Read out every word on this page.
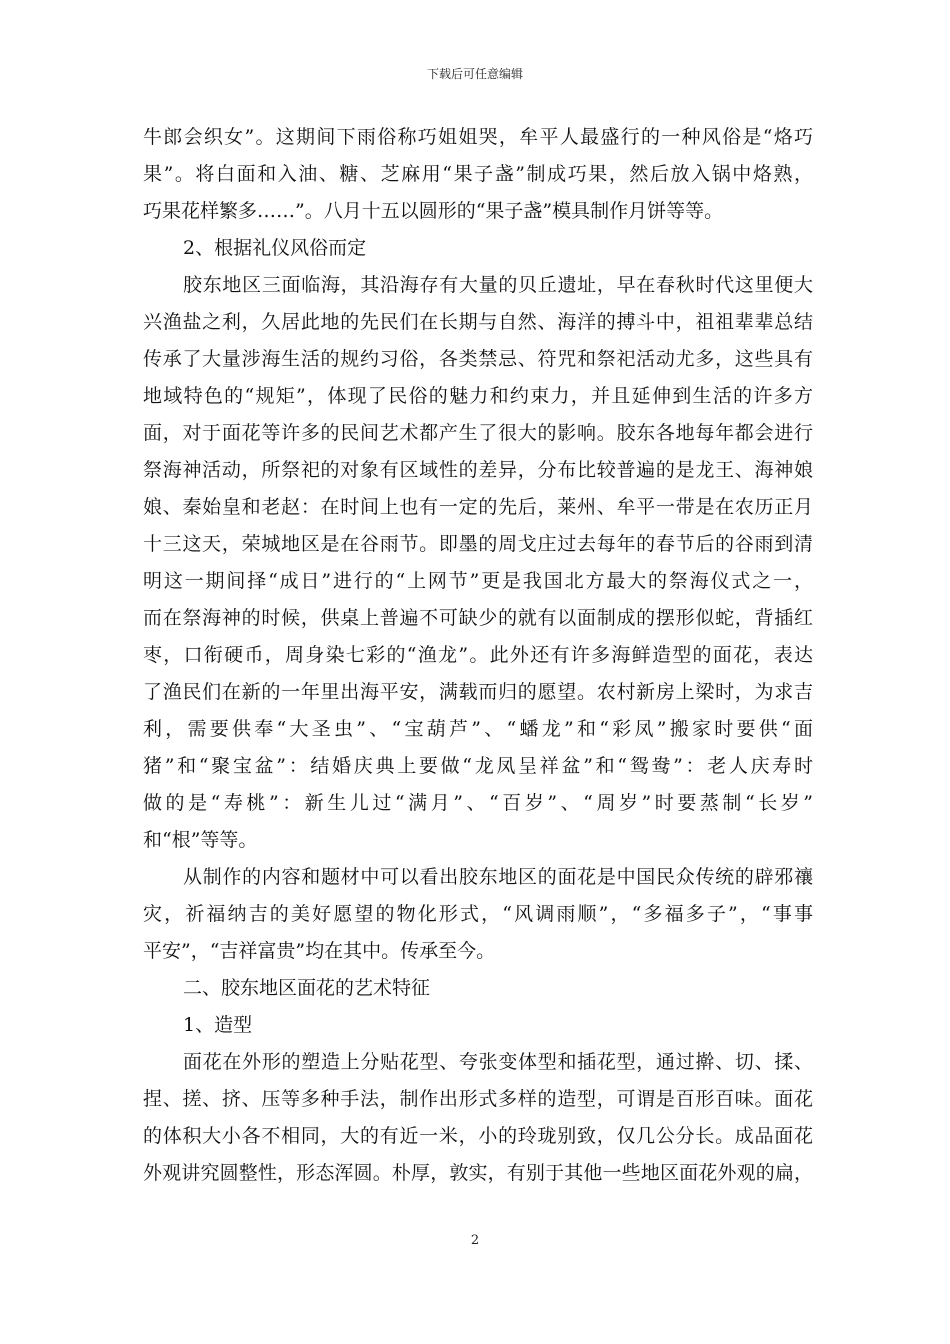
下载后可任意编辑
牛郎会织女”。这期间下雨俗称巧姐姐哭，牟平人最盛行的一种风俗是“烙巧
果”。将白面和入油、糖、芝麻用“果子盏”制成巧果，然后放入锅中烙熟，
巧果花样繁多……”。八月十五以圆形的“果子盏”模具制作月饼等等。
2、根据礼仪风俗而定
胶东地区三面临海，其沿海存有大量的贝丘遗址，早在春秋时代这里便大
兴渔盐之利，久居此地的先民们在长期与自然、海洋的搏斗中，祖祖辈辈总结
传承了大量涉海生活的规约习俗，各类禁忌、符咒和祭祀活动尤多，这些具有
地域特色的“规矩”，体现了民俗的魅力和约束力，并且延伸到生活的许多方
面，对于面花等许多的民间艺术都产生了很大的影响。胶东各地每年都会进行
祭海神活动，所祭祀的对象有区域性的差异，分布比较普遍的是龙王、海神娘
娘、秦始皇和老赵：在时间上也有一定的先后，莱州、牟平一带是在农历正月
十三这天，荣城地区是在谷雨节。即墨的周戈庄过去每年的春节后的谷雨到清
明这一期间择“成日”进行的“上网节”更是我国北方最大的祭海仪式之一，
而在祭海神的时候，供桌上普遍不可缺少的就有以面制成的摆形似蛇，背插红
枣，口衔硬币，周身染七彩的“渔龙”。此外还有许多海鲜造型的面花，表达
了渔民们在新的一年里出海平安，满载而归的愿望。农村新房上梁时，为求吉
利，需要供奉“大圣虫”、“宝葫芦”、“蟠龙”和“彩凤”搬家时要供“面
猪”和“聚宝盆”：结婚庆典上要做“龙凤呈祥盆”和“鸳鸯”：老人庆寿时
做的是“寿桃”：新生儿过“满月”、“百岁”、“周岁”时要蒸制“长岁”
和“根”等等。
从制作的内容和题材中可以看出胶东地区的面花是中国民众传统的辟邪禳
灾，祈福纳吉的美好愿望的物化形式，“风调雨顺”，“多福多子”，“事事
平安”，“吉祥富贵”均在其中。传承至今。
二、胶东地区面花的艺术特征
1、造型
面花在外形的塑造上分贴花型、夸张变体型和插花型，通过擀、切、揉、
捏、搓、挤、压等多种手法，制作出形式多样的造型，可谓是百形百味。面花
的体积大小各不相同，大的有近一米，小的玲珑别致，仅几公分长。成品面花
外观讲究圆整性，形态浑圆。朴厚，敦实，有别于其他一些地区面花外观的扁，
2
